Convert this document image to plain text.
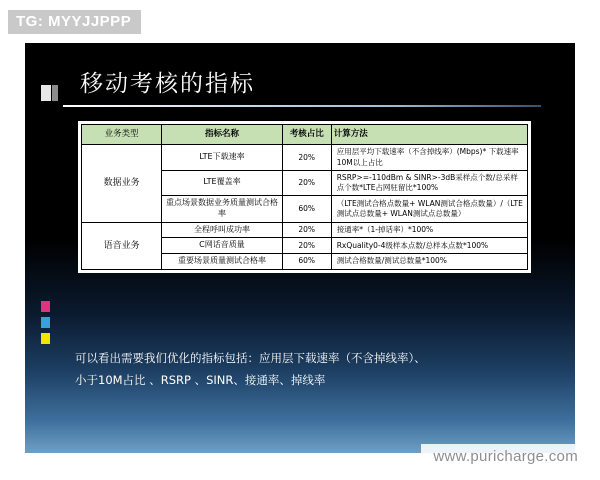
TG: MYYJJPPP
移动考核的指标
业务类型	指标名称	考核占比	计算方法
数据业务	LTE下载速率	20%	应用层平均下载速率（不含掉线率）(Mbps)* 下载速率10M以上占比
	LTE覆盖率	20%	RSRP>=-110dBm & SINR>-3dB采样点个数/总采样点个数*LTE占网驻留比*100%
	重点场景数据业务质量测试合格率	60%	（LTE测试合格点数量+ WLAN测试合格点数量）/（LTE测试点总数量+ WLAN测试点总数量）
语音业务	全程呼叫成功率	20%	接通率*（1-掉话率）*100%
	C网话音质量	20%	RxQuality0-4级样本点数/总样本点数*100%
	重要场景质量测试合格率	60%	测试合格数量/测试总数量*100%
可以看出需要我们优化的指标包括：应用层下载速率（不含掉线率）、
小于10M占比 、RSRP 、SINR、接通率、掉线率
www.puricharge.com
